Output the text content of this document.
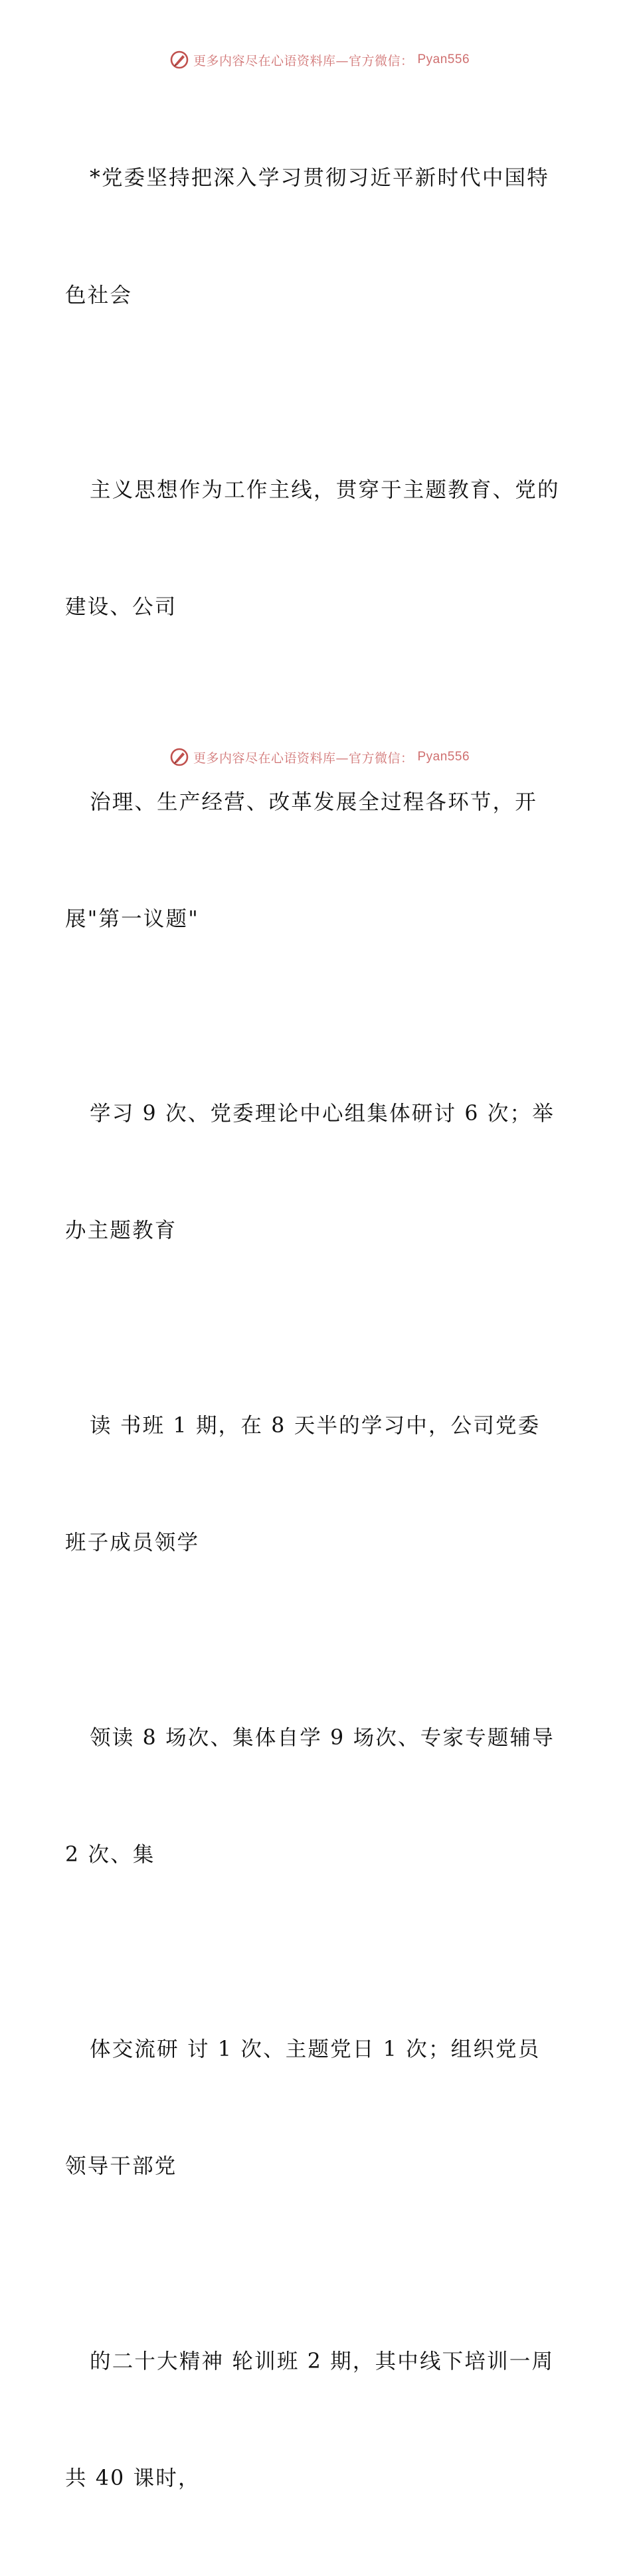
更多内容尽在心语资料库—官方微信： Pyan556

*党委坚持把深入学习贯彻习近平新时代中国特

色社会

主义思想作为工作主线，贯穿于主题教育、党的

建设、公司

治理、生产经营、改革发展全过程各环节，开

展"第一议题"

学习 9 次、党委理论中心组集体研讨 6 次；举

办主题教育

读 书班 1 期，在 8 天半的学习中，公司党委

班子成员领学

领读 8 场次、集体自学 9 场次、专家专题辅导

2 次、集

体交流研 讨 1 次、主题党日 1 次；组织党员

领导干部党

的二十大精神 轮训班 2 期，其中线下培训一周

共 40 课时，

更多内容尽在心语资料库—官方微信： Pyan556
